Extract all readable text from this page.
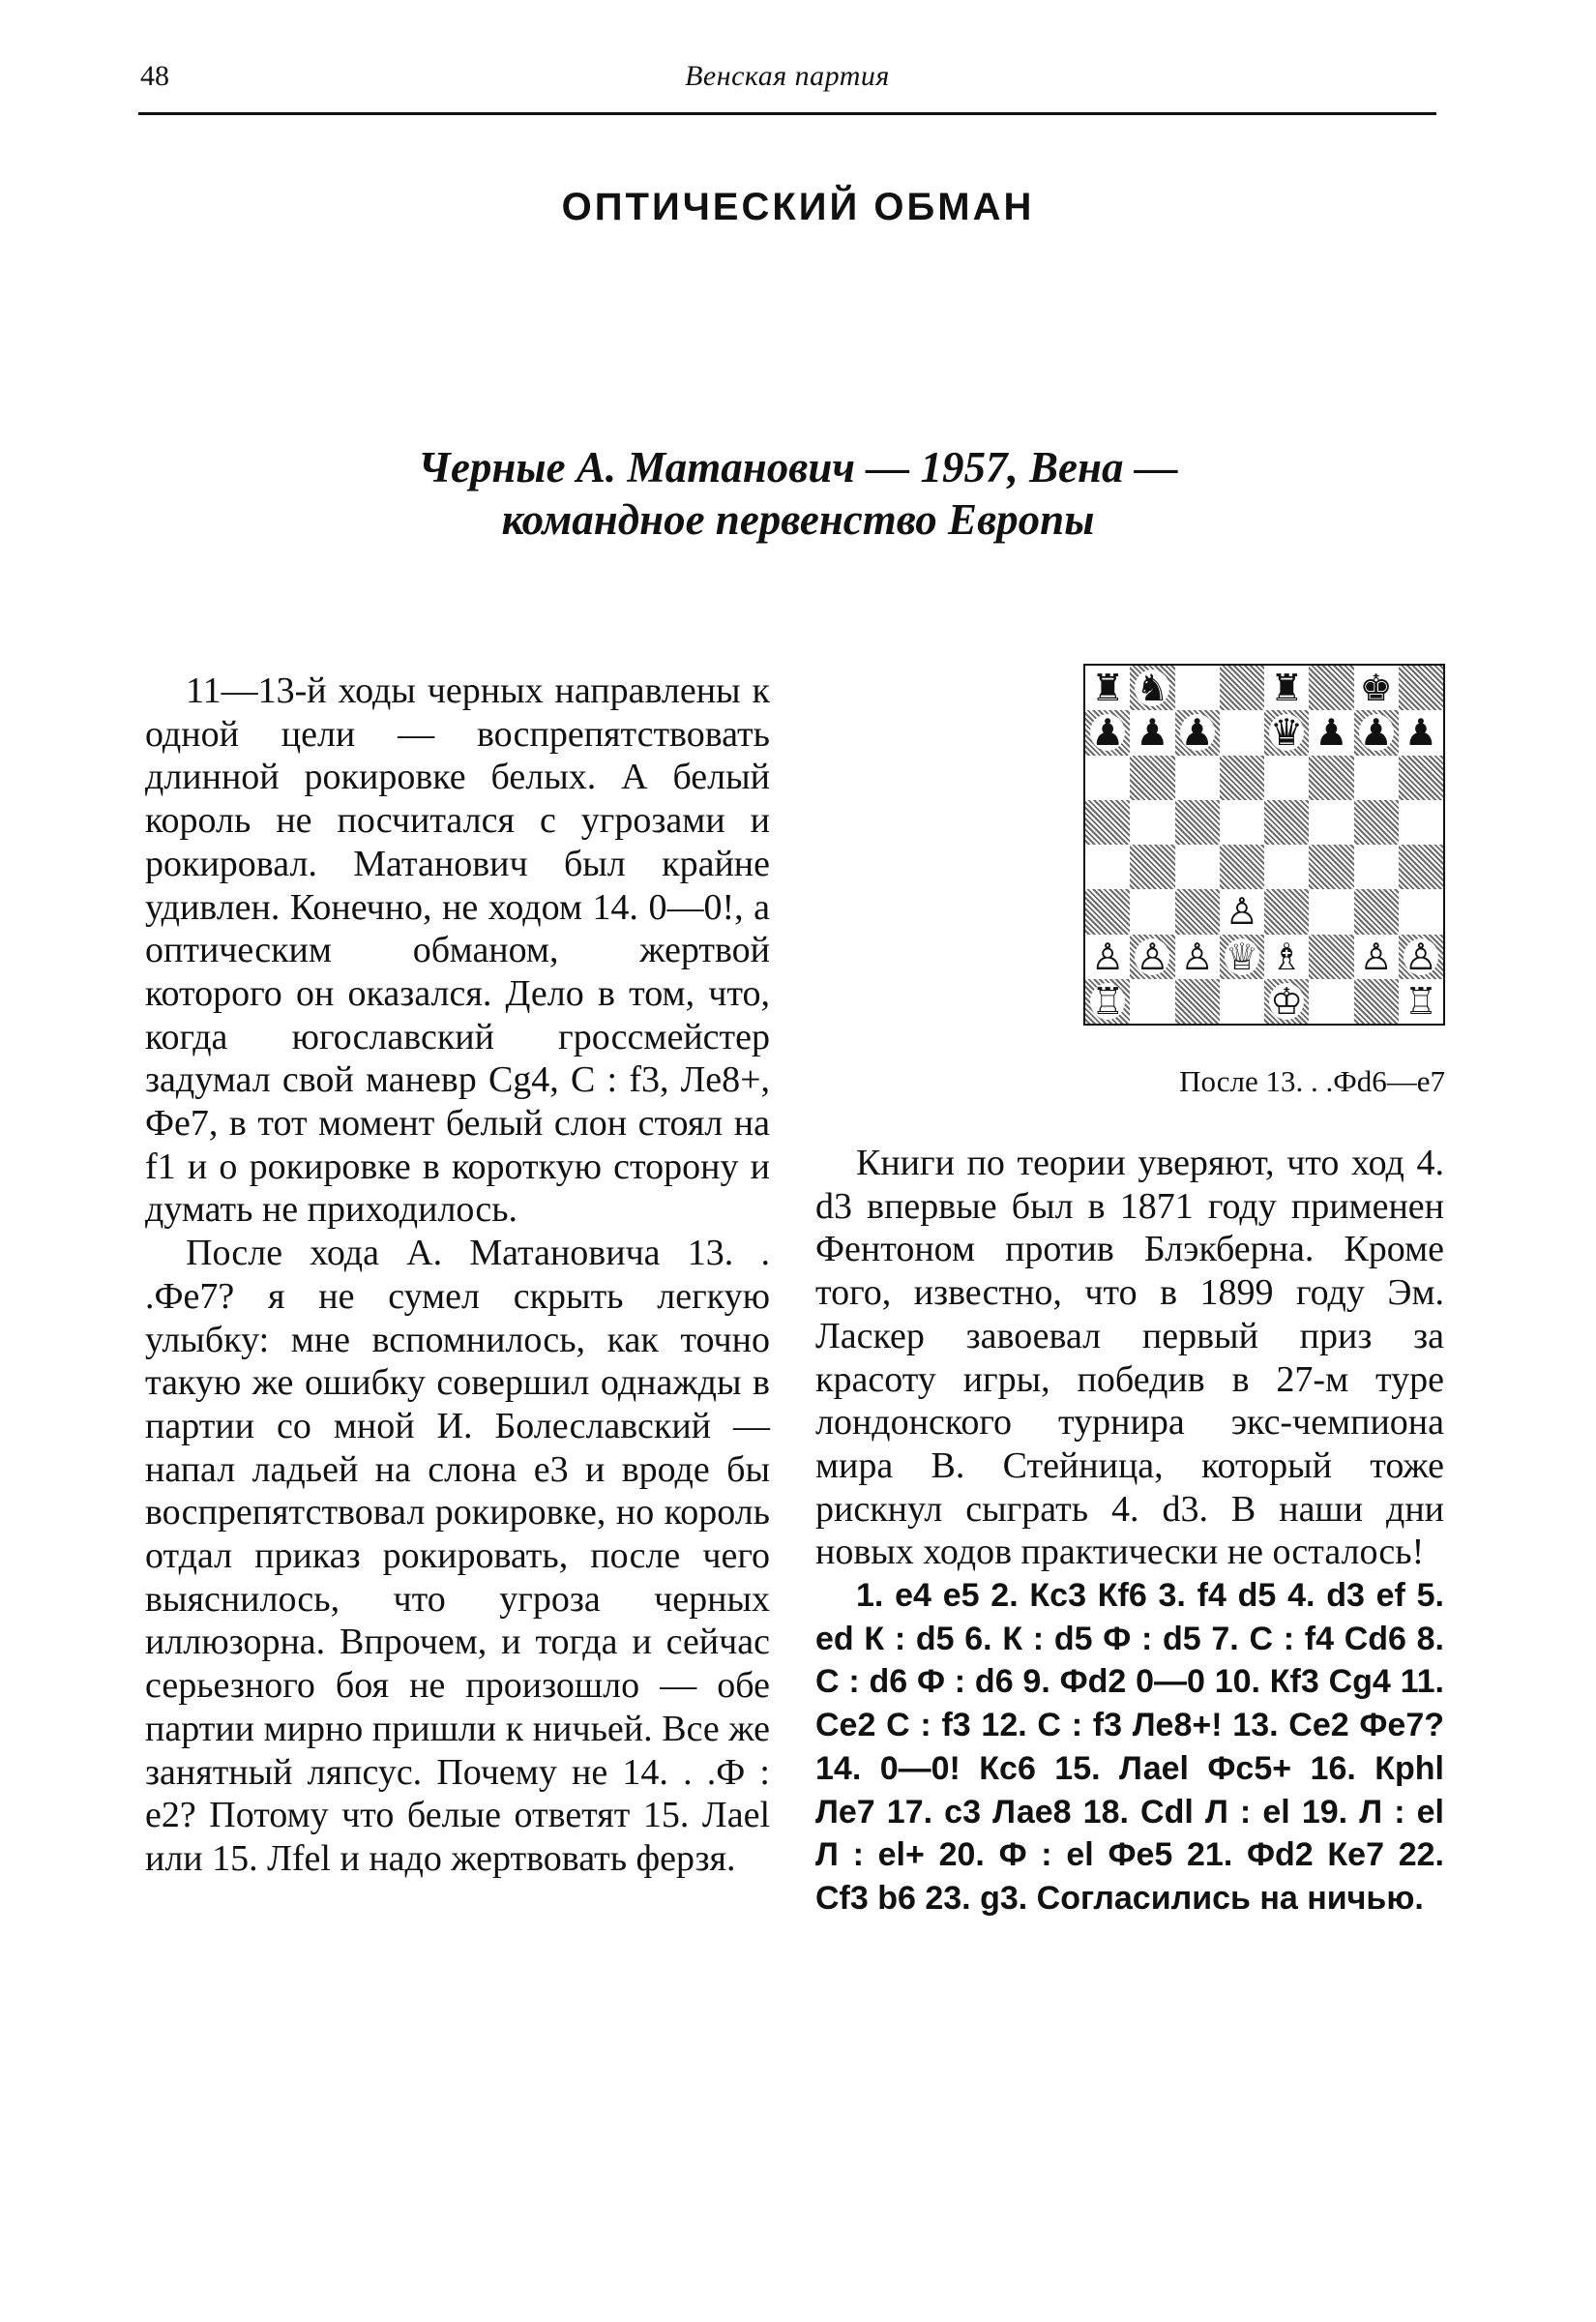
48	Венская партия
ОПТИЧЕСКИЙ ОБМАН
Черные А. Матанович — 1957, Вена —
командное первенство Европы

11—13-й ходы черных направлены к одной цели — воспрепятствовать длинной рокировке белых. А белый король не посчитался с угрозами и рокировал. Матанович был крайне удивлен. Конечно, не ходом 14. 0—0!, а оптическим обманом, жертвой которого он оказался. Дело в том, что, когда югославский гроссмейстер задумал свой маневр Cg4, С : f3, Ле8+, Фе7, в тот момент белый слон стоял на f1 и о рокировке в короткую сторону и думать не приходилось.

После хода А. Матановича 13. . .Фе7? я не сумел скрыть легкую улыбку: мне вспомнилось, как точно такую же ошибку совершил однажды в партии со мной И. Болеславский — напал ладьей на слона е3 и вроде бы воспрепятствовал рокировке, но король отдал приказ рокировать, после чего выяснилось, что угроза черных иллюзорна. Впрочем, и тогда и сейчас серьезного боя не произошло — обе партии мирно пришли к ничьей. Все же занятный ляпсус. Почему не 14. . .Ф : е2? Потому что белые ответят 15. Лаеl или 15. Лfel и надо жертвовать ферзя.

♜ ♞	♜ ♚
♟ ♟ ♟ ♛ ♟ ♟ ♟
♙
♙ ♙ ♙ ♕ ♗ ♙ ♙
♖	♔	♖
После 13. . .Фd6—e7

Книги по теории уверяют, что ход 4. d3 впервые был в 1871 году применен Фентоном против Блэкберна. Кроме того, известно, что в 1899 году Эм. Ласкер завоевал первый приз за красоту игры, победив в 27-м туре лондонского турнира экс-чемпиона мира В. Стейница, который тоже рискнул сыграть 4. d3. В наши дни новых ходов практически не осталось!

1. e4 e5 2. Кc3 Кf6 3. f4 d5 4. d3 ef 5. ed К : d5 6. К : d5 Ф : d5 7. С : f4 Cd6 8. С : d6 Ф : d6 9. Фd2 0—0 10. Кf3 Cg4 11. Се2 С : f3 12. С : f3 Ле8+! 13. Се2 Фе7? 14. 0—0! Кc6 15. Лаеl Фс5+ 16. Крhl Ле7 17. c3 Лае8 18. Cdl Л : el 19. Л : el Л : el+ 20. Ф : el Фе5 21. Фd2 Ке7 22. Cf3 b6 23. g3. Согласились на ничью.
